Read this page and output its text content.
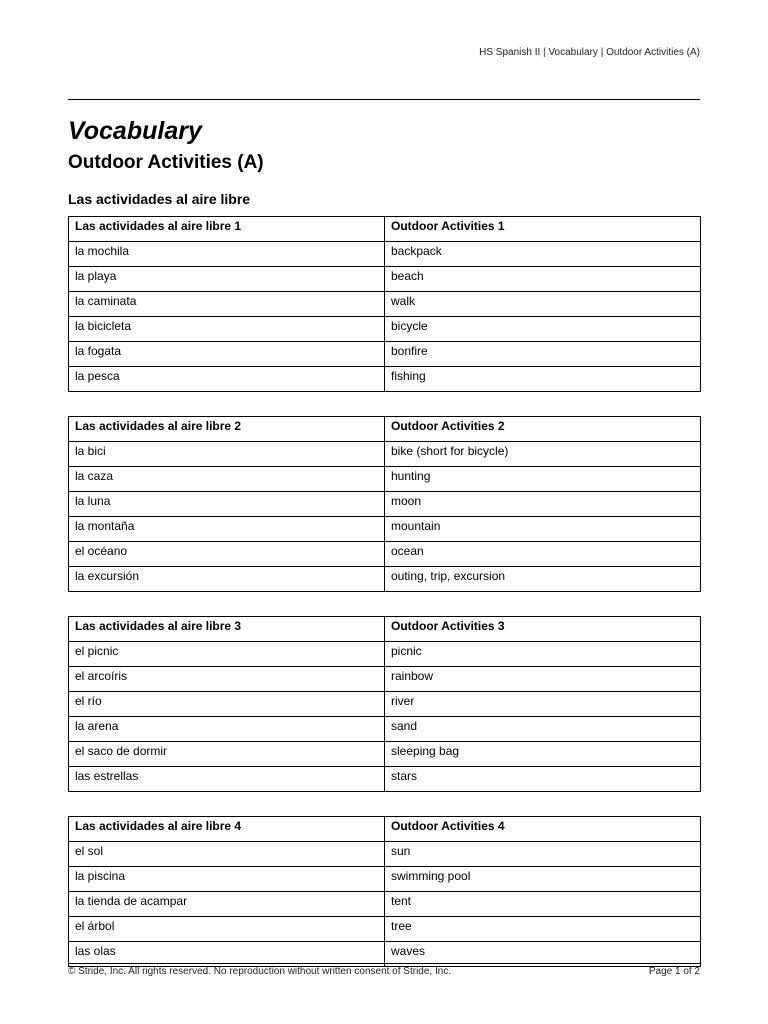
HS Spanish II | Vocabulary | Outdoor Activities (A)
Vocabulary
Outdoor Activities (A)
Las actividades al aire libre
Las actividades al aire libre 1	Outdoor Activities 1
la mochila	backpack
la playa	beach
la caminata	walk
la bicicleta	bicycle
la fogata	bonfire
la pesca	fishing
Las actividades al aire libre 2	Outdoor Activities 2
la bici	bike (short for bicycle)
la caza	hunting
la luna	moon
la montaña	mountain
el océano	ocean
la excursión	outing, trip, excursion
Las actividades al aire libre 3	Outdoor Activities 3
el picnic	picnic
el arcoíris	rainbow
el río	river
la arena	sand
el saco de dormir	sleeping bag
las estrellas	stars
Las actividades al aire libre 4	Outdoor Activities 4
el sol	sun
la piscina	swimming pool
la tienda de acampar	tent
el árbol	tree
las olas	waves
© Stride, Inc. All rights reserved. No reproduction without written consent of Stride, Inc.	Page 1 of 2
